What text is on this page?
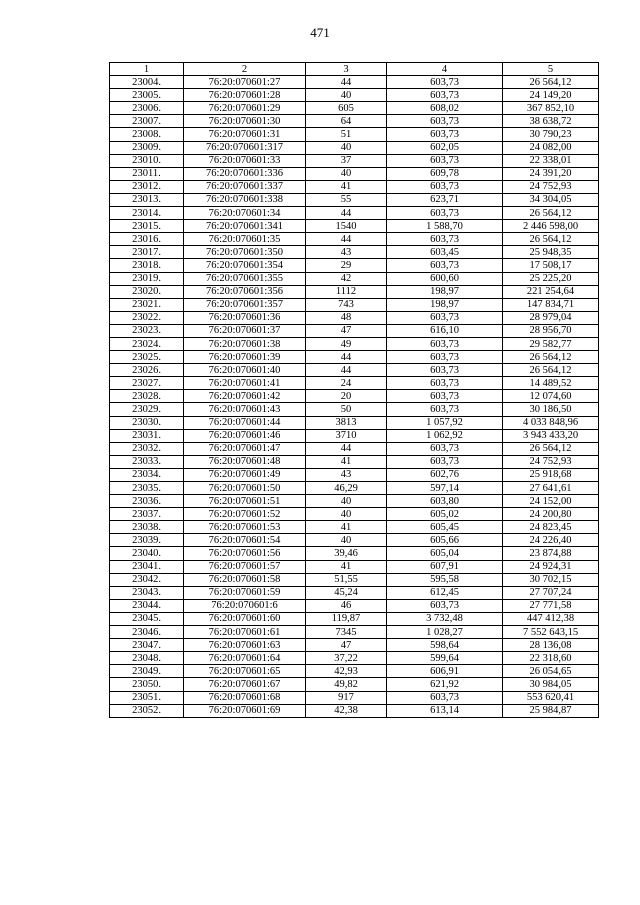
471
1	2	3	4	5
23004.	76:20:070601:27	44	603,73	26 564,12
23005.	76:20:070601:28	40	603,73	24 149,20
23006.	76:20:070601:29	605	608,02	367 852,10
23007.	76:20:070601:30	64	603,73	38 638,72
23008.	76:20:070601:31	51	603,73	30 790,23
23009.	76:20:070601:317	40	602,05	24 082,00
23010.	76:20:070601:33	37	603,73	22 338,01
23011.	76:20:070601:336	40	609,78	24 391,20
23012.	76:20:070601:337	41	603,73	24 752,93
23013.	76:20:070601:338	55	623,71	34 304,05
23014.	76:20:070601:34	44	603,73	26 564,12
23015.	76:20:070601:341	1540	1 588,70	2 446 598,00
23016.	76:20:070601:35	44	603,73	26 564,12
23017.	76:20:070601:350	43	603,45	25 948,35
23018.	76:20:070601:354	29	603,73	17 508,17
23019.	76:20:070601:355	42	600,60	25 225,20
23020.	76:20:070601:356	1112	198,97	221 254,64
23021.	76:20:070601:357	743	198,97	147 834,71
23022.	76:20:070601:36	48	603,73	28 979,04
23023.	76:20:070601:37	47	616,10	28 956,70
23024.	76:20:070601:38	49	603,73	29 582,77
23025.	76:20:070601:39	44	603,73	26 564,12
23026.	76:20:070601:40	44	603,73	26 564,12
23027.	76:20:070601:41	24	603,73	14 489,52
23028.	76:20:070601:42	20	603,73	12 074,60
23029.	76:20:070601:43	50	603,73	30 186,50
23030.	76:20:070601:44	3813	1 057,92	4 033 848,96
23031.	76:20:070601:46	3710	1 062,92	3 943 433,20
23032.	76:20:070601:47	44	603,73	26 564,12
23033.	76:20:070601:48	41	603,73	24 752,93
23034.	76:20:070601:49	43	602,76	25 918,68
23035.	76:20:070601:50	46,29	597,14	27 641,61
23036.	76:20:070601:51	40	603,80	24 152,00
23037.	76:20:070601:52	40	605,02	24 200,80
23038.	76:20:070601:53	41	605,45	24 823,45
23039.	76:20:070601:54	40	605,66	24 226,40
23040.	76:20:070601:56	39,46	605,04	23 874,88
23041.	76:20:070601:57	41	607,91	24 924,31
23042.	76:20:070601:58	51,55	595,58	30 702,15
23043.	76:20:070601:59	45,24	612,45	27 707,24
23044.	76:20:070601:6	46	603,73	27 771,58
23045.	76:20:070601:60	119,87	3 732,48	447 412,38
23046.	76:20:070601:61	7345	1 028,27	7 552 643,15
23047.	76:20:070601:63	47	598,64	28 136,08
23048.	76:20:070601:64	37,22	599,64	22 318,60
23049.	76:20:070601:65	42,93	606,91	26 054,65
23050.	76:20:070601:67	49,82	621,92	30 984,05
23051.	76:20:070601:68	917	603,73	553 620,41
23052.	76:20:070601:69	42,38	613,14	25 984,87
